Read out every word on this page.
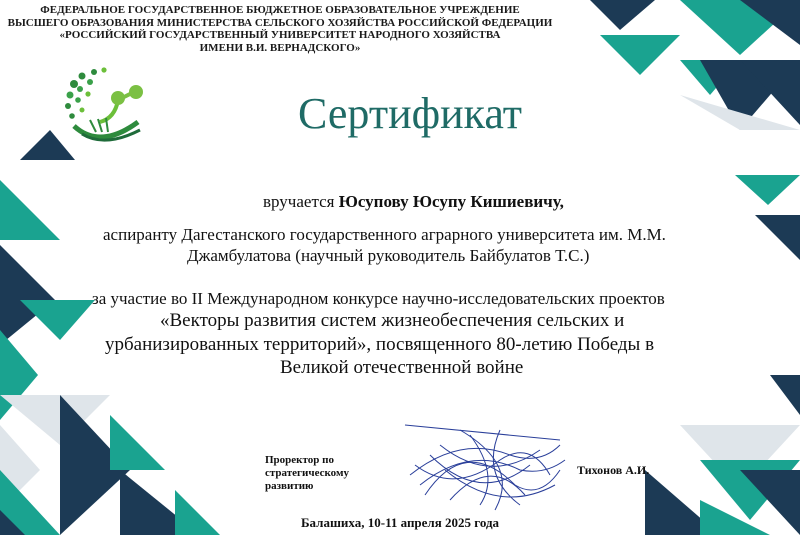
ФЕДЕРАЛЬНОЕ ГОСУДАРСТВЕННОЕ БЮДЖЕТНОЕ ОБРАЗОВАТЕЛЬНОЕ УЧРЕЖДЕНИЕ
ВЫСШЕГО ОБРАЗОВАНИЯ МИНИСТЕРСТВА СЕЛЬСКОГО ХОЗЯЙСТВА РОССИЙСКОЙ ФЕДЕРАЦИИ
«РОССИЙСКИЙ ГОСУДАРСТВЕННЫЙ УНИВЕРСИТЕТ НАРОДНОГО ХОЗЯЙСТВА
ИМЕНИ В.И. ВЕРНАДСКОГО»
Сертификат
вручается Юсупову Юсупу Кишиевичу,
аспиранту Дагестанского государственного аграрного университета им. М.М.
Джамбулатова (научный руководитель Байбулатов Т.С.)
за участие во II Международном конкурсе научно-исследовательских проектов
«Векторы развития систем жизнеобеспечения сельских и
урбанизированных территорий», посвященного 80-летию Победы в
Великой отечественной войне
Проректор по
стратегическому
развитию
Тихонов А.И.
Балашиха, 10-11 апреля 2025 года
